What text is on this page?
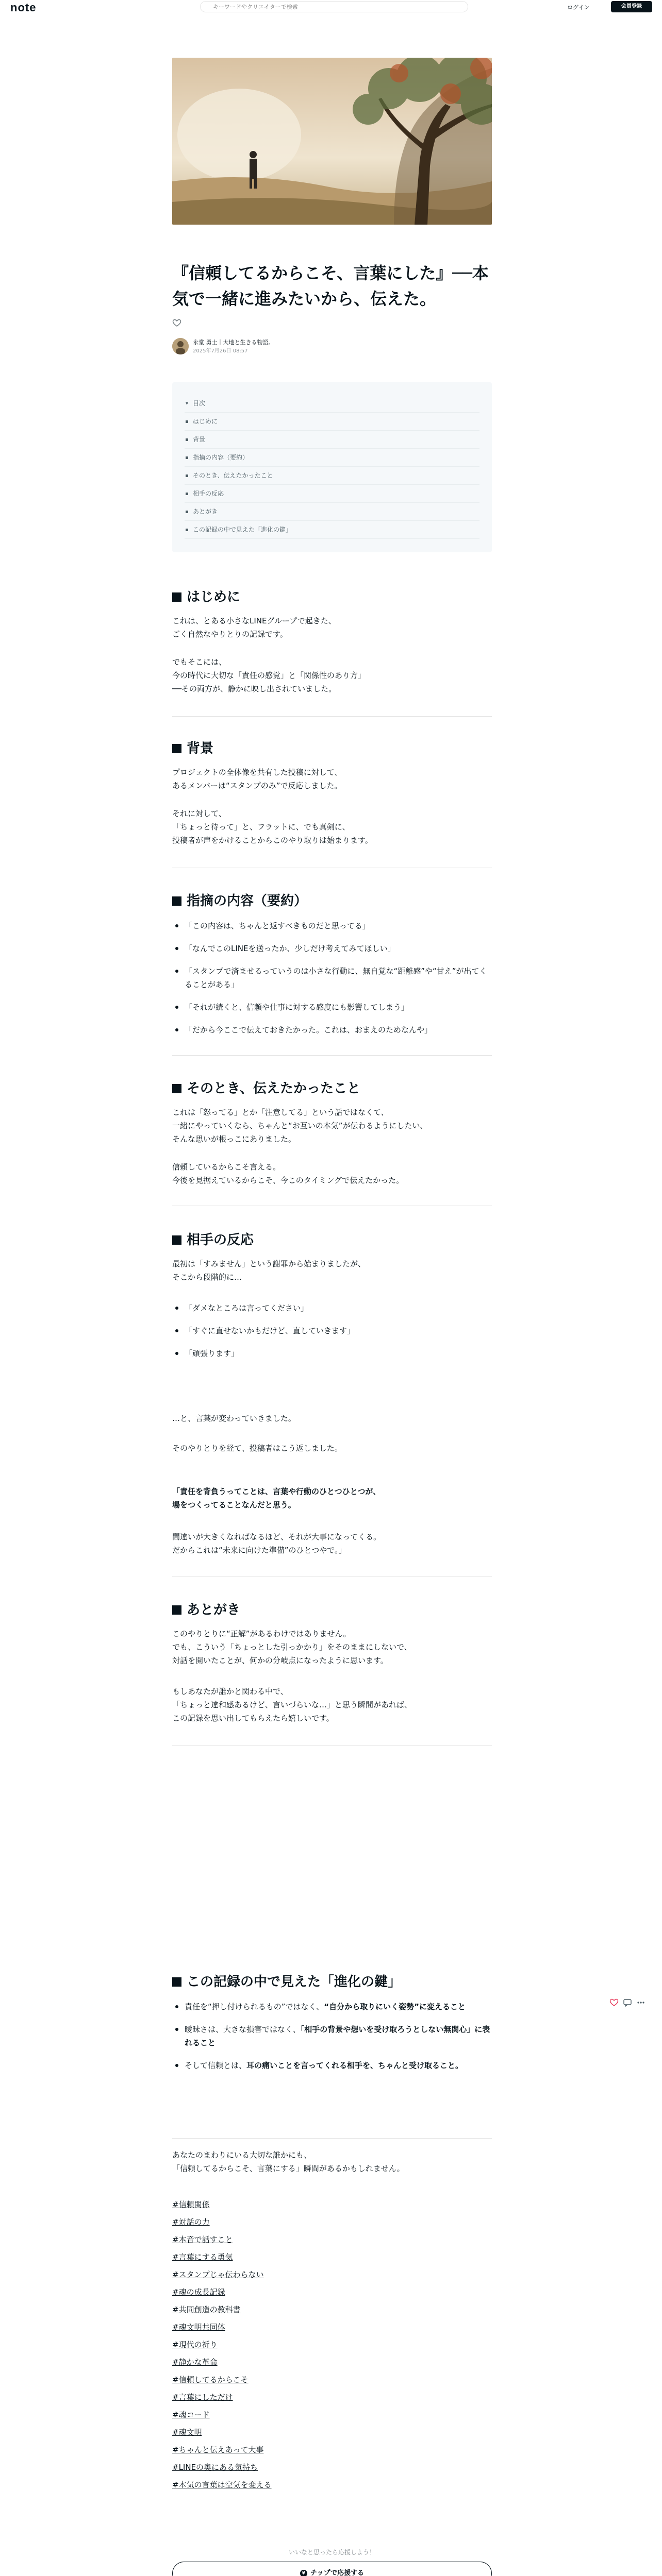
note
キーワードやクリエイターで検索	ログイン	会員登録
『信頼してるからこそ、言葉にした』──本気で一緒に進みたいから、伝えた。
永堂 勇士｜大地と生きる物語。
2025年7月26日 08:57
▾ 目次
はじめに
背景
指摘の内容（要約）
そのとき、伝えたかったこと
相手の反応
あとがき
この記録の中で見えた「進化の鍵」
はじめに

これは、とある小さなLINEグループで起きた、
ごく自然なやりとりの記録です。

でもそこには、
今の時代に大切な「責任の感覚」と「関係性のあり方」
──その両方が、静かに映し出されていました。

背景

プロジェクトの全体像を共有した投稿に対して、
あるメンバーは“スタンプのみ”で反応しました。

それに対して、
「ちょっと待って」と、フラットに、でも真剣に、
投稿者が声をかけることからこのやり取りは始まります。

指摘の内容（要約）
「この内容は、ちゃんと返すべきものだと思ってる」
「なんでこのLINEを送ったか、少しだけ考えてみてほしい」
「スタンプで済ませるっていうのは小さな行動に、無自覚な“距離感”や“甘え”が出てくることがある」
「それが続くと、信頼や仕事に対する感度にも影響してしまう」
「だから今ここで伝えておきたかった。これは、おまえのためなんや」
そのとき、伝えたかったこと

これは「怒ってる」とか「注意してる」という話ではなくて、
一緒にやっていくなら、ちゃんと“お互いの本気”が伝わるようにしたい、
そんな思いが根っこにありました。

信頼しているからこそ言える。
今後を見据えているからこそ、今このタイミングで伝えたかった。

相手の反応

最初は「すみません」という謝罪から始まりましたが、
そこから段階的に…

「ダメなところは言ってください」
「すぐに直せないかもだけど、直していきます」
「頑張ります」

…と、言葉が変わっていきました。

そのやりとりを経て、投稿者はこう返しました。

「責任を背負うってことは、言葉や行動のひとつひとつが、
場をつくってることなんだと思う。

間違いが大きくなればなるほど、それが大事になってくる。
だからこれは“未来に向けた準備”のひとつやで。」

あとがき

このやりとりに“正解”があるわけではありません。
でも、こういう「ちょっとした引っかかり」をそのままにしないで、
対話を開いたことが、何かの分岐点になったように思います。

もしあなたが誰かと関わる中で、
「ちょっと違和感あるけど、言いづらいな…」と思う瞬間があれば、
この記録を思い出してもらえたら嬉しいです。

この記録の中で見えた「進化の鍵」
責任を“押し付けられるもの”ではなく、“自分から取りにいく姿勢”に変えること
曖昧さは、大きな損害ではなく、「相手の背景や想いを受け取ろうとしない無関心」に表れること
そして信頼とは、耳の痛いことを言ってくれる相手を、ちゃんと受け取ること。

あなたのまわりにいる大切な誰かにも、
「信頼してるからこそ、言葉にする」瞬間があるかもしれません。

#信頼関係
#対話の力
#本音で話すこと
#言葉にする勇気
#スタンプじゃ伝わらない
#魂の成長記録
#共同創造の教科書
#魂文明共同体
#現代の祈り
#静かな革命
#信頼してるからこそ
#言葉にしただけ
#魂コード
#魂文明
#ちゃんと伝えあって大事
#LINEの奥にある気持ち
#本気の言葉は空気を変える
いいなと思ったら応援しよう！
¥ チップで応援する
